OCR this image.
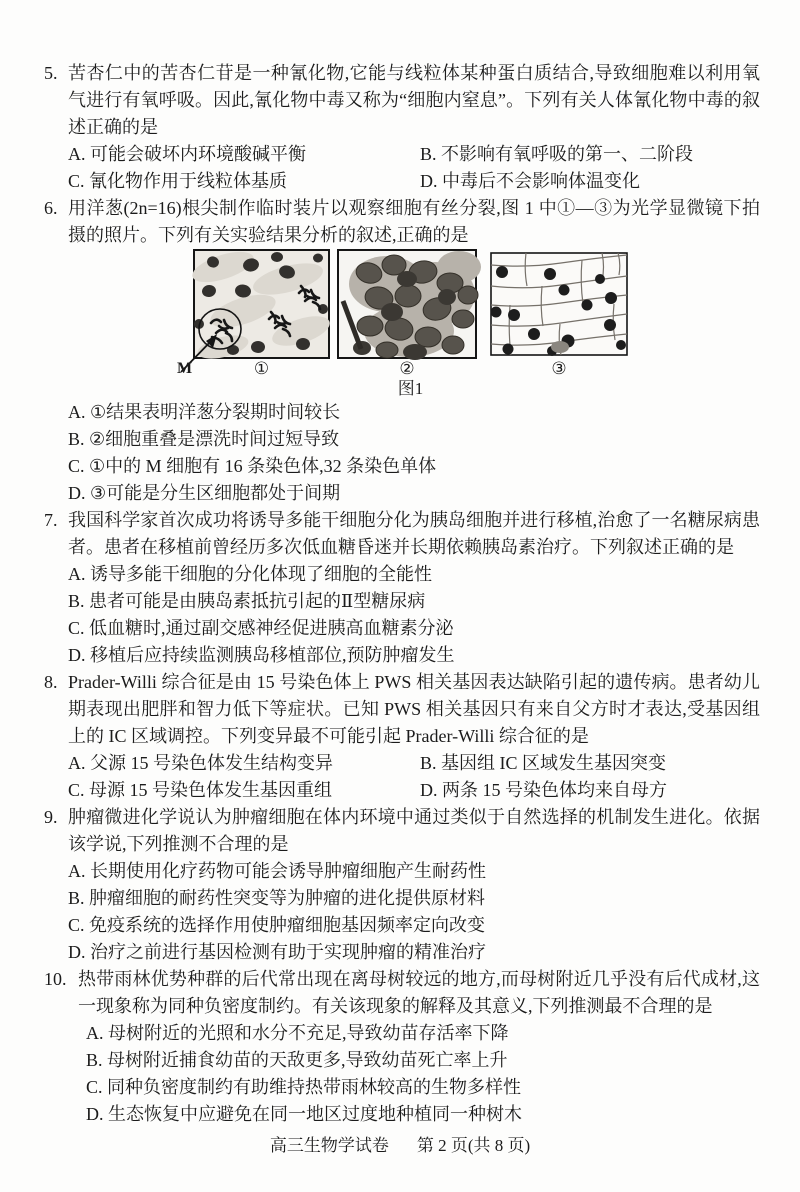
5. 苦杏仁中的苦杏仁苷是一种氰化物,它能与线粒体某种蛋白质结合,导致细胞难以利用氧气进行有氧呼吸。因此,氰化物中毒又称为“细胞内窒息”。下列有关人体氰化物中毒的叙述正确的是
A. 可能会破坏内环境酸碱平衡	B. 不影响有氧呼吸的第一、二阶段
C. 氰化物作用于线粒体基质	D. 中毒后不会影响体温变化
6. 用洋葱(2n=16)根尖制作临时装片以观察细胞有丝分裂,图 1 中①—③为光学显微镜下拍摄的照片。下列有关实验结果分析的叙述,正确的是
M	①	②	③
图1
A. ①结果表明洋葱分裂期时间较长
B. ②细胞重叠是漂洗时间过短导致
C. ①中的 M 细胞有 16 条染色体,32 条染色单体
D. ③可能是分生区细胞都处于间期
7. 我国科学家首次成功将诱导多能干细胞分化为胰岛细胞并进行移植,治愈了一名糖尿病患者。患者在移植前曾经历多次低血糖昏迷并长期依赖胰岛素治疗。下列叙述正确的是
A. 诱导多能干细胞的分化体现了细胞的全能性
B. 患者可能是由胰岛素抵抗引起的Ⅱ型糖尿病
C. 低血糖时,通过副交感神经促进胰高血糖素分泌
D. 移植后应持续监测胰岛移植部位,预防肿瘤发生
8. Prader-Willi 综合征是由 15 号染色体上 PWS 相关基因表达缺陷引起的遗传病。患者幼儿期表现出肥胖和智力低下等症状。已知 PWS 相关基因只有来自父方时才表达,受基因组上的 IC 区域调控。下列变异最不可能引起 Prader-Willi 综合征的是
A. 父源 15 号染色体发生结构变异	B. 基因组 IC 区域发生基因突变
C. 母源 15 号染色体发生基因重组	D. 两条 15 号染色体均来自母方
9. 肿瘤微进化学说认为肿瘤细胞在体内环境中通过类似于自然选择的机制发生进化。依据该学说,下列推测不合理的是
A. 长期使用化疗药物可能会诱导肿瘤细胞产生耐药性
B. 肿瘤细胞的耐药性突变等为肿瘤的进化提供原材料
C. 免疫系统的选择作用使肿瘤细胞基因频率定向改变
D. 治疗之前进行基因检测有助于实现肿瘤的精准治疗
10. 热带雨林优势种群的后代常出现在离母树较远的地方,而母树附近几乎没有后代成材,这一现象称为同种负密度制约。有关该现象的解释及其意义,下列推测最不合理的是
A. 母树附近的光照和水分不充足,导致幼苗存活率下降
B. 母树附近捕食幼苗的天敌更多,导致幼苗死亡率上升
C. 同种负密度制约有助维持热带雨林较高的生物多样性
D. 生态恢复中应避免在同一地区过度地种植同一种树木
高三生物学试卷 第 2 页(共 8 页)
